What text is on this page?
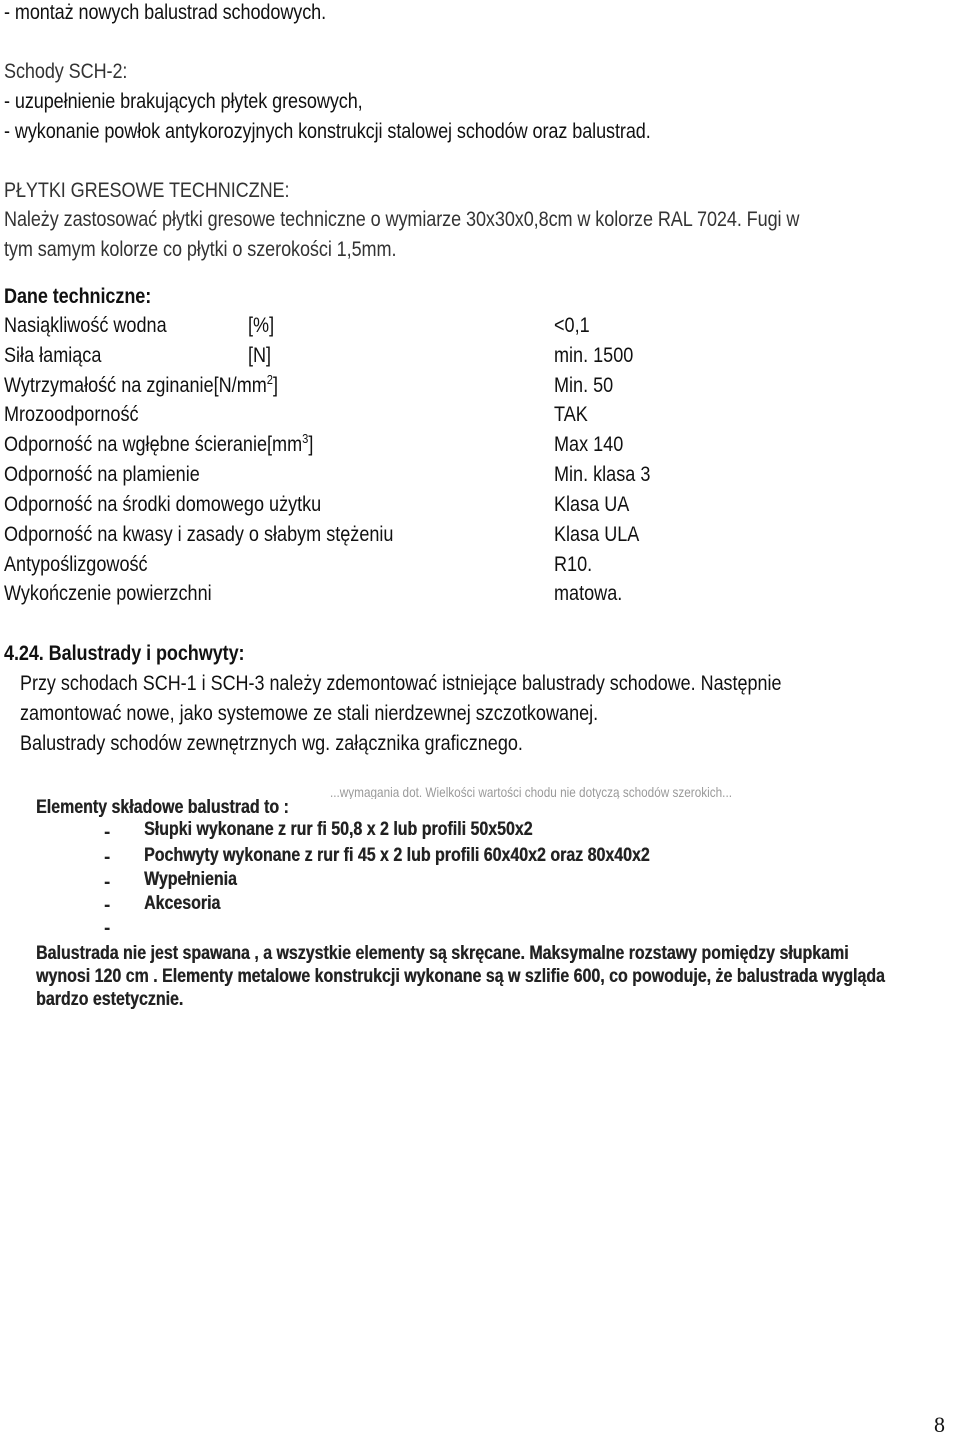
- montaż nowych balustrad schodowych.
Schody SCH-2:
- uzupełnienie brakujących płytek gresowych,
- wykonanie powłok antykorozyjnych konstrukcji stalowej schodów oraz balustrad.
PŁYTKI GRESOWE TECHNICZNE:
Należy zastosować płytki gresowe techniczne o wymiarze 30x30x0,8cm w kolorze RAL 7024. Fugi w
tym samym kolorze co płytki o szerokości 1,5mm.
Dane techniczne:
Nasiąkliwość wodna	[%]	<0,1
Siła łamiąca	[N]	min. 1500
Wytrzymałość na $zginanie[N/mm^2]$	Min. 50
Mrozoodporność	TAK
Odporność na wgłębne $ścieranie[mm^3]$	Max 140
Odporność na plamienie	Min. klasa 3
Odporność na środki domowego użytku	Klasa UA
Odporność na kwasy i zasady o słabym stężeniu	Klasa ULA
Antypoślizgowość	R10.
Wykończenie powierzchni	matowa.
4.24. Balustrady i pochwyty:
Przy schodach SCH-1 i SCH-3 należy zdemontować istniejące balustrady schodowe. Następnie
zamontować nowe, jako systemowe ze stali nierdzewnej szczotkowanej.
Balustrady schodów zewnętrznych wg. załącznika graficznego.
...wymagania dot. Wielkości wartości chodu nie dotyczą schodów szerokich...
Elementy składowe balustrad to :
- Słupki wykonane z rur fi 50,8 x 2 lub profili 50x50x2
- Pochwyty wykonane z rur fi 45 x 2 lub profili 60x40x2 oraz 80x40x2
- Wypełnienia
- Akcesoria
-
Balustrada nie jest spawana , a wszystkie elementy są skręcane. Maksymalne rozstawy pomiędzy słupkami
wynosi 120 cm . Elementy metalowe konstrukcji wykonane są w szlifie 600, co powoduje, że balustrada wygląda
bardzo estetycznie.
8
